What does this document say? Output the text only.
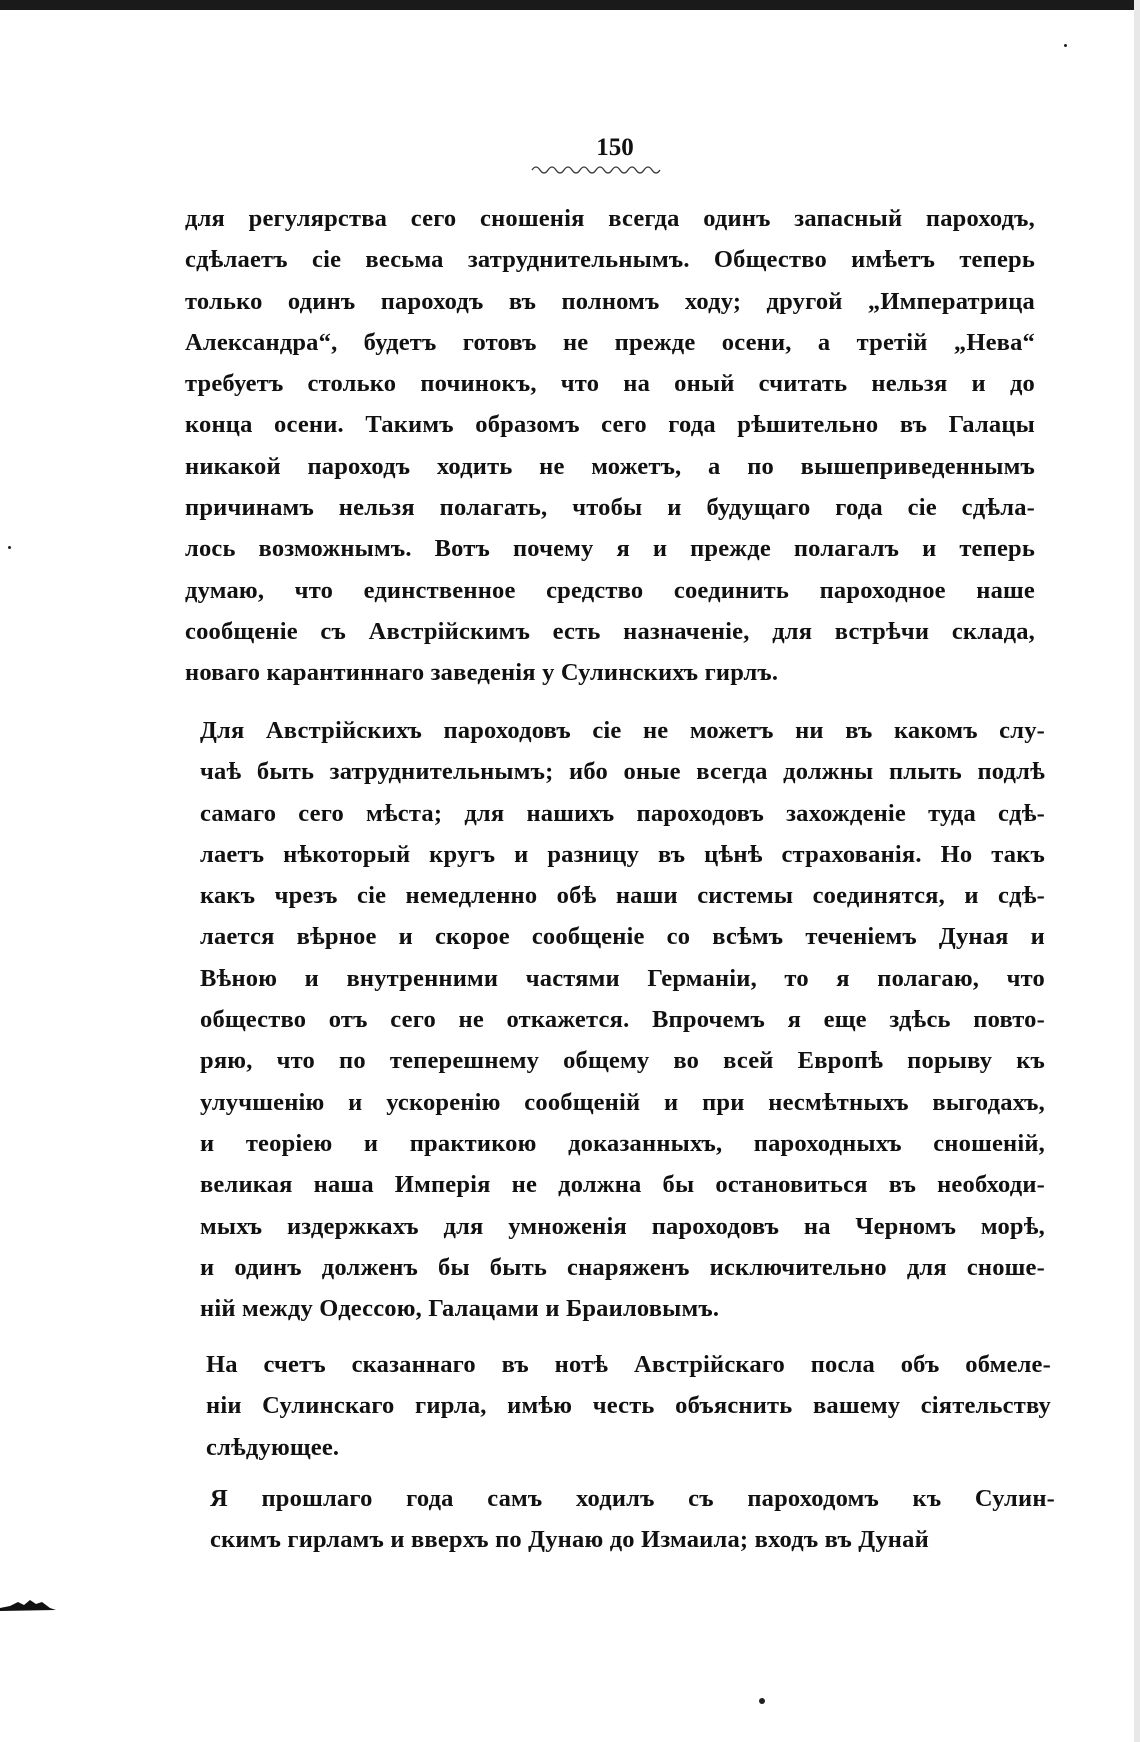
150
для регулярства сего сношенія всегда одинъ запасный пароходъ,
сдѣлаетъ сіе весьма затруднительнымъ. Общество имѣетъ теперь
только одинъ пароходъ въ полномъ ходу; другой „Императрица
Александра“, будетъ готовъ не прежде осени, а третій „Нева“
требуетъ столько починокъ, что на оный считать нельзя и до
конца осени. Такимъ образомъ сего года рѣшительно въ Галацы
никакой пароходъ ходить не можетъ, а по вышеприведеннымъ
причинамъ нельзя полагать, чтобы и будущаго года сіе сдѣла-
лось возможнымъ. Вотъ почему я и прежде полагалъ и теперь
думаю, что единственное средство соединить пароходное наше
сообщеніе съ Австрійскимъ есть назначеніе, для встрѣчи склада,
новаго карантиннаго заведенія у Сулинскихъ гирлъ.
Для Австрійскихъ пароходовъ сіе не можетъ ни въ какомъ слу-
чаѣ быть затруднительнымъ; ибо оные всегда должны плыть подлѣ
самаго сего мѣста; для нашихъ пароходовъ захожденіе туда сдѣ-
лаетъ нѣкоторый кругъ и разницу въ цѣнѣ страхованія. Но такъ
какъ чрезъ сіе немедленно обѣ наши системы соединятся, и сдѣ-
лается вѣрное и скорое сообщеніе со всѣмъ теченіемъ Дуная и
Вѣною и внутренними частями Германіи, то я полагаю, что
общество отъ сего не откажется. Впрочемъ я еще здѣсь повто-
ряю, что по теперешнему общему во всей Европѣ порыву къ
улучшенію и ускоренію сообщеній и при несмѣтныхъ выгодахъ,
и теоріею и практикою доказанныхъ, пароходныхъ сношеній,
великая наша Имперія не должна бы остановиться въ необходи-
мыхъ издержкахъ для умноженія пароходовъ на Черномъ морѣ,
и одинъ долженъ бы быть снаряженъ исключительно для сноше-
ній между Одессою, Галацами и Браиловымъ.
На счетъ сказаннаго въ нотѣ Австрійскаго посла объ обмеле-
ніи Сулинскаго гирла, имѣю честь объяснить вашему сіятельству
слѣдующее.
Я прошлаго года самъ ходилъ съ пароходомъ къ Сулин-
скимъ гирламъ и вверхъ по Дунаю до Измаила; входъ въ Дунай
